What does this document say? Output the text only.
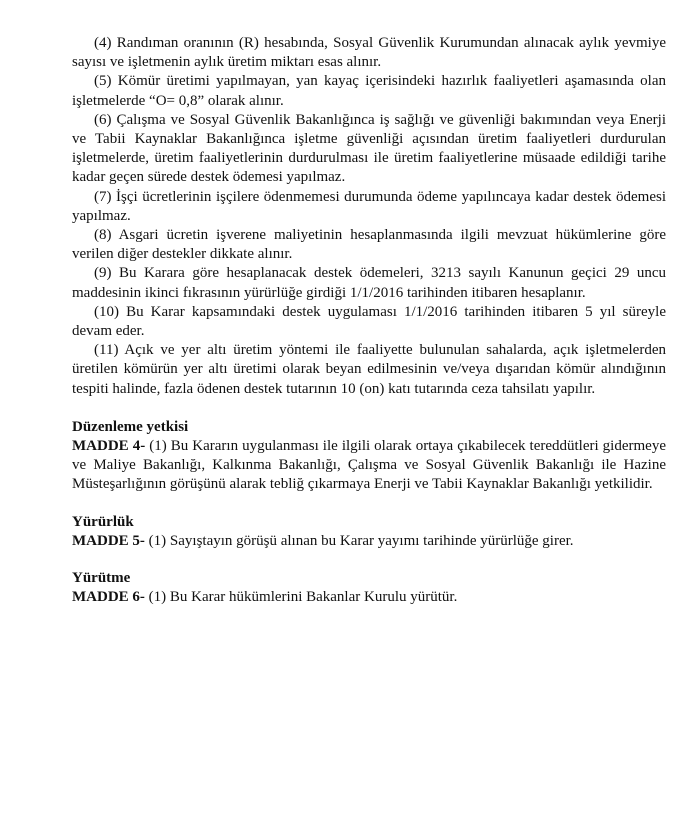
(4) Randıman oranının (R) hesabında, Sosyal Güvenlik Kurumundan alınacak aylık yevmiye sayısı ve işletmenin aylık üretim miktarı esas alınır.

(5) Kömür üretimi yapılmayan, yan kayaç içerisindeki hazırlık faaliyetleri aşamasında olan işletmelerde “O= 0,8” olarak alınır.

(6) Çalışma ve Sosyal Güvenlik Bakanlığınca iş sağlığı ve güvenliği bakımından veya Enerji ve Tabii Kaynaklar Bakanlığınca işletme güvenliği açısından üretim faaliyetleri durdurulan işletmelerde, üretim faaliyetlerinin durdurulması ile üretim faaliyetlerine müsaade edildiği tarihe kadar geçen sürede destek ödemesi yapılmaz.

(7) İşçi ücretlerinin işçilere ödenmemesi durumunda ödeme yapılıncaya kadar destek ödemesi yapılmaz.

(8) Asgari ücretin işverene maliyetinin hesaplanmasında ilgili mevzuat hükümlerine göre verilen diğer destekler dikkate alınır.

(9) Bu Karara göre hesaplanacak destek ödemeleri, 3213 sayılı Kanunun geçici 29 uncu maddesinin ikinci fıkrasının yürürlüğe girdiği 1/1/2016 tarihinden itibaren hesaplanır.

(10) Bu Karar kapsamındaki destek uygulaması 1/1/2016 tarihinden itibaren 5 yıl süreyle devam eder.

(11) Açık ve yer altı üretim yöntemi ile faaliyette bulunulan sahalarda, açık işletmelerden üretilen kömürün yer altı üretimi olarak beyan edilmesinin ve/veya dışarıdan kömür alındığının tespiti halinde, fazla ödenen destek tutarının 10 (on) katı tutarında ceza tahsilatı yapılır.

Düzenleme yetkisi

MADDE 4- (1) Bu Kararın uygulanması ile ilgili olarak ortaya çıkabilecek tereddütleri gidermeye ve Maliye Bakanlığı, Kalkınma Bakanlığı, Çalışma ve Sosyal Güvenlik Bakanlığı ile Hazine Müsteşarlığının görüşünü alarak tebliğ çıkarmaya Enerji ve Tabii Kaynaklar Bakanlığı yetkilidir.

Yürürlük

MADDE 5- (1) Sayıştayın görüşü alınan bu Karar yayımı tarihinde yürürlüğe girer.

Yürütme

MADDE 6- (1) Bu Karar hükümlerini Bakanlar Kurulu yürütür.
